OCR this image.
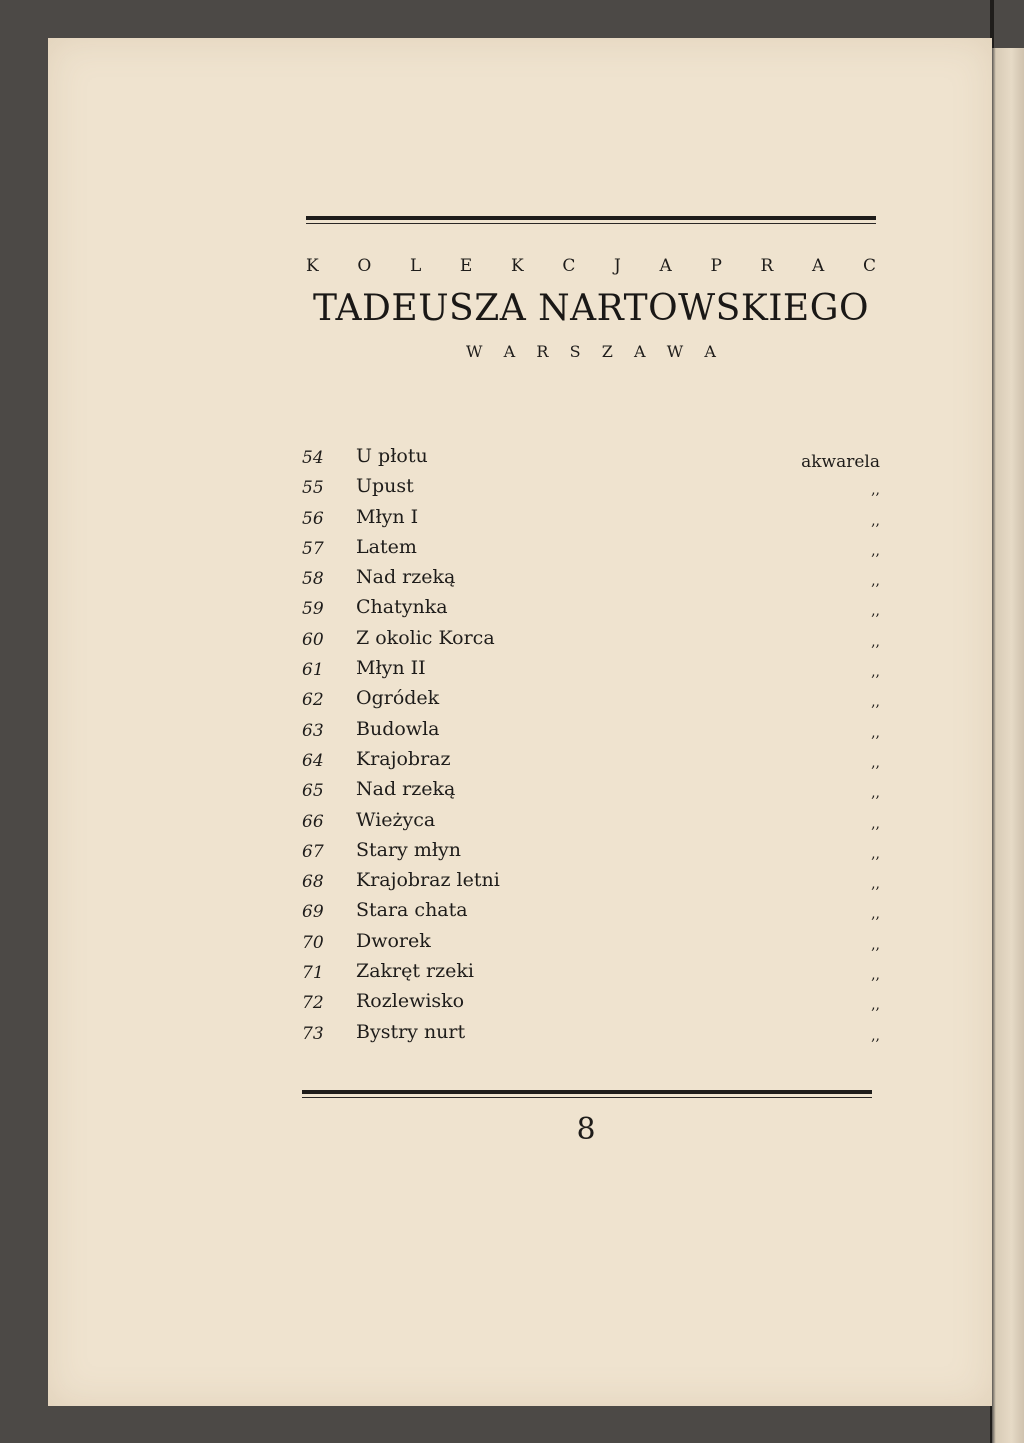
K O L E K C J A P R A C
TADEUSZA NARTOWSKIEGO
W A R S Z A W A
54 U płotu	akwarela
55 Upust	,,
56 Młyn I	,,
57 Latem	,,
58 Nad rzeką	,,
59 Chatynka	,,
60 Z okolic Korca	,,
61 Młyn II	,,
62 Ogródek	,,
63 Budowla	,,
64 Krajobraz	,,
65 Nad rzeką	,,
66 Wieżyca	,,
67 Stary młyn	,,
68 Krajobraz letni	,,
69 Stara chata	,,
70 Dworek	,,
71 Zakręt rzeki	,,
72 Rozlewisko	,,
73 Bystry nurt	,,
8
